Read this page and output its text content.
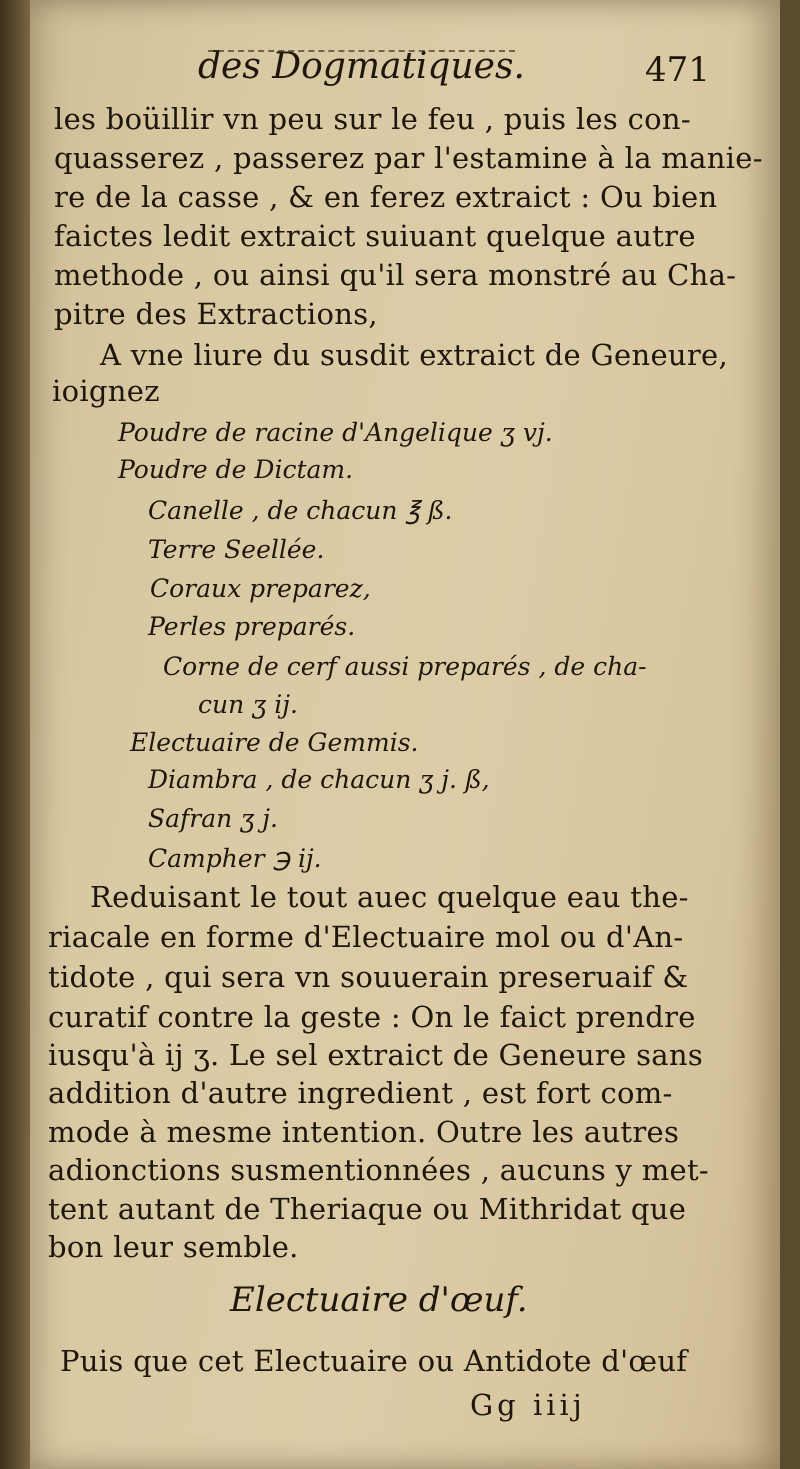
des Dogmatiques.	471
les boüillir vn peu sur le feu , puis les con-
quasserez , passerez par l'estamine à la manie-
re de la casse , & en ferez extraict : Ou bien
faictes ledit extraict suiuant quelque autre
methode , ou ainsi qu'il sera monstré au Cha-
pitre des Extractions,
A vne liure du susdit extraict de Geneure,
ioignez
Poudre de racine d'Angelique ʒ vj.
Poudre de Dictam.
Canelle , de chacun ℥ ß.
Terre Seellée.
Coraux preparez,
Perles preparés.
Corne de cerf aussi preparés , de cha-
cun ʒ ij.
Electuaire de Gemmis.
Diambra , de chacun ʒ j. ß,
Safran ʒ j.
Campher ℈ ij.
Reduisant le tout auec quelque eau the-
riacale en forme d'Electuaire mol ou d'An-
tidote , qui sera vn souuerain preseruaif &
curatif contre la geste : On le faict prendre
iusqu'à ij ʒ. Le sel extraict de Geneure sans
addition d'autre ingredient , est fort com-
mode à mesme intention. Outre les autres
adionctions susmentionnées , aucuns y met-
tent autant de Theriaque ou Mithridat que
bon leur semble.
Electuaire d'œuf.
Puis que cet Electuaire ou Antidote d'œuf
Gg iiij
